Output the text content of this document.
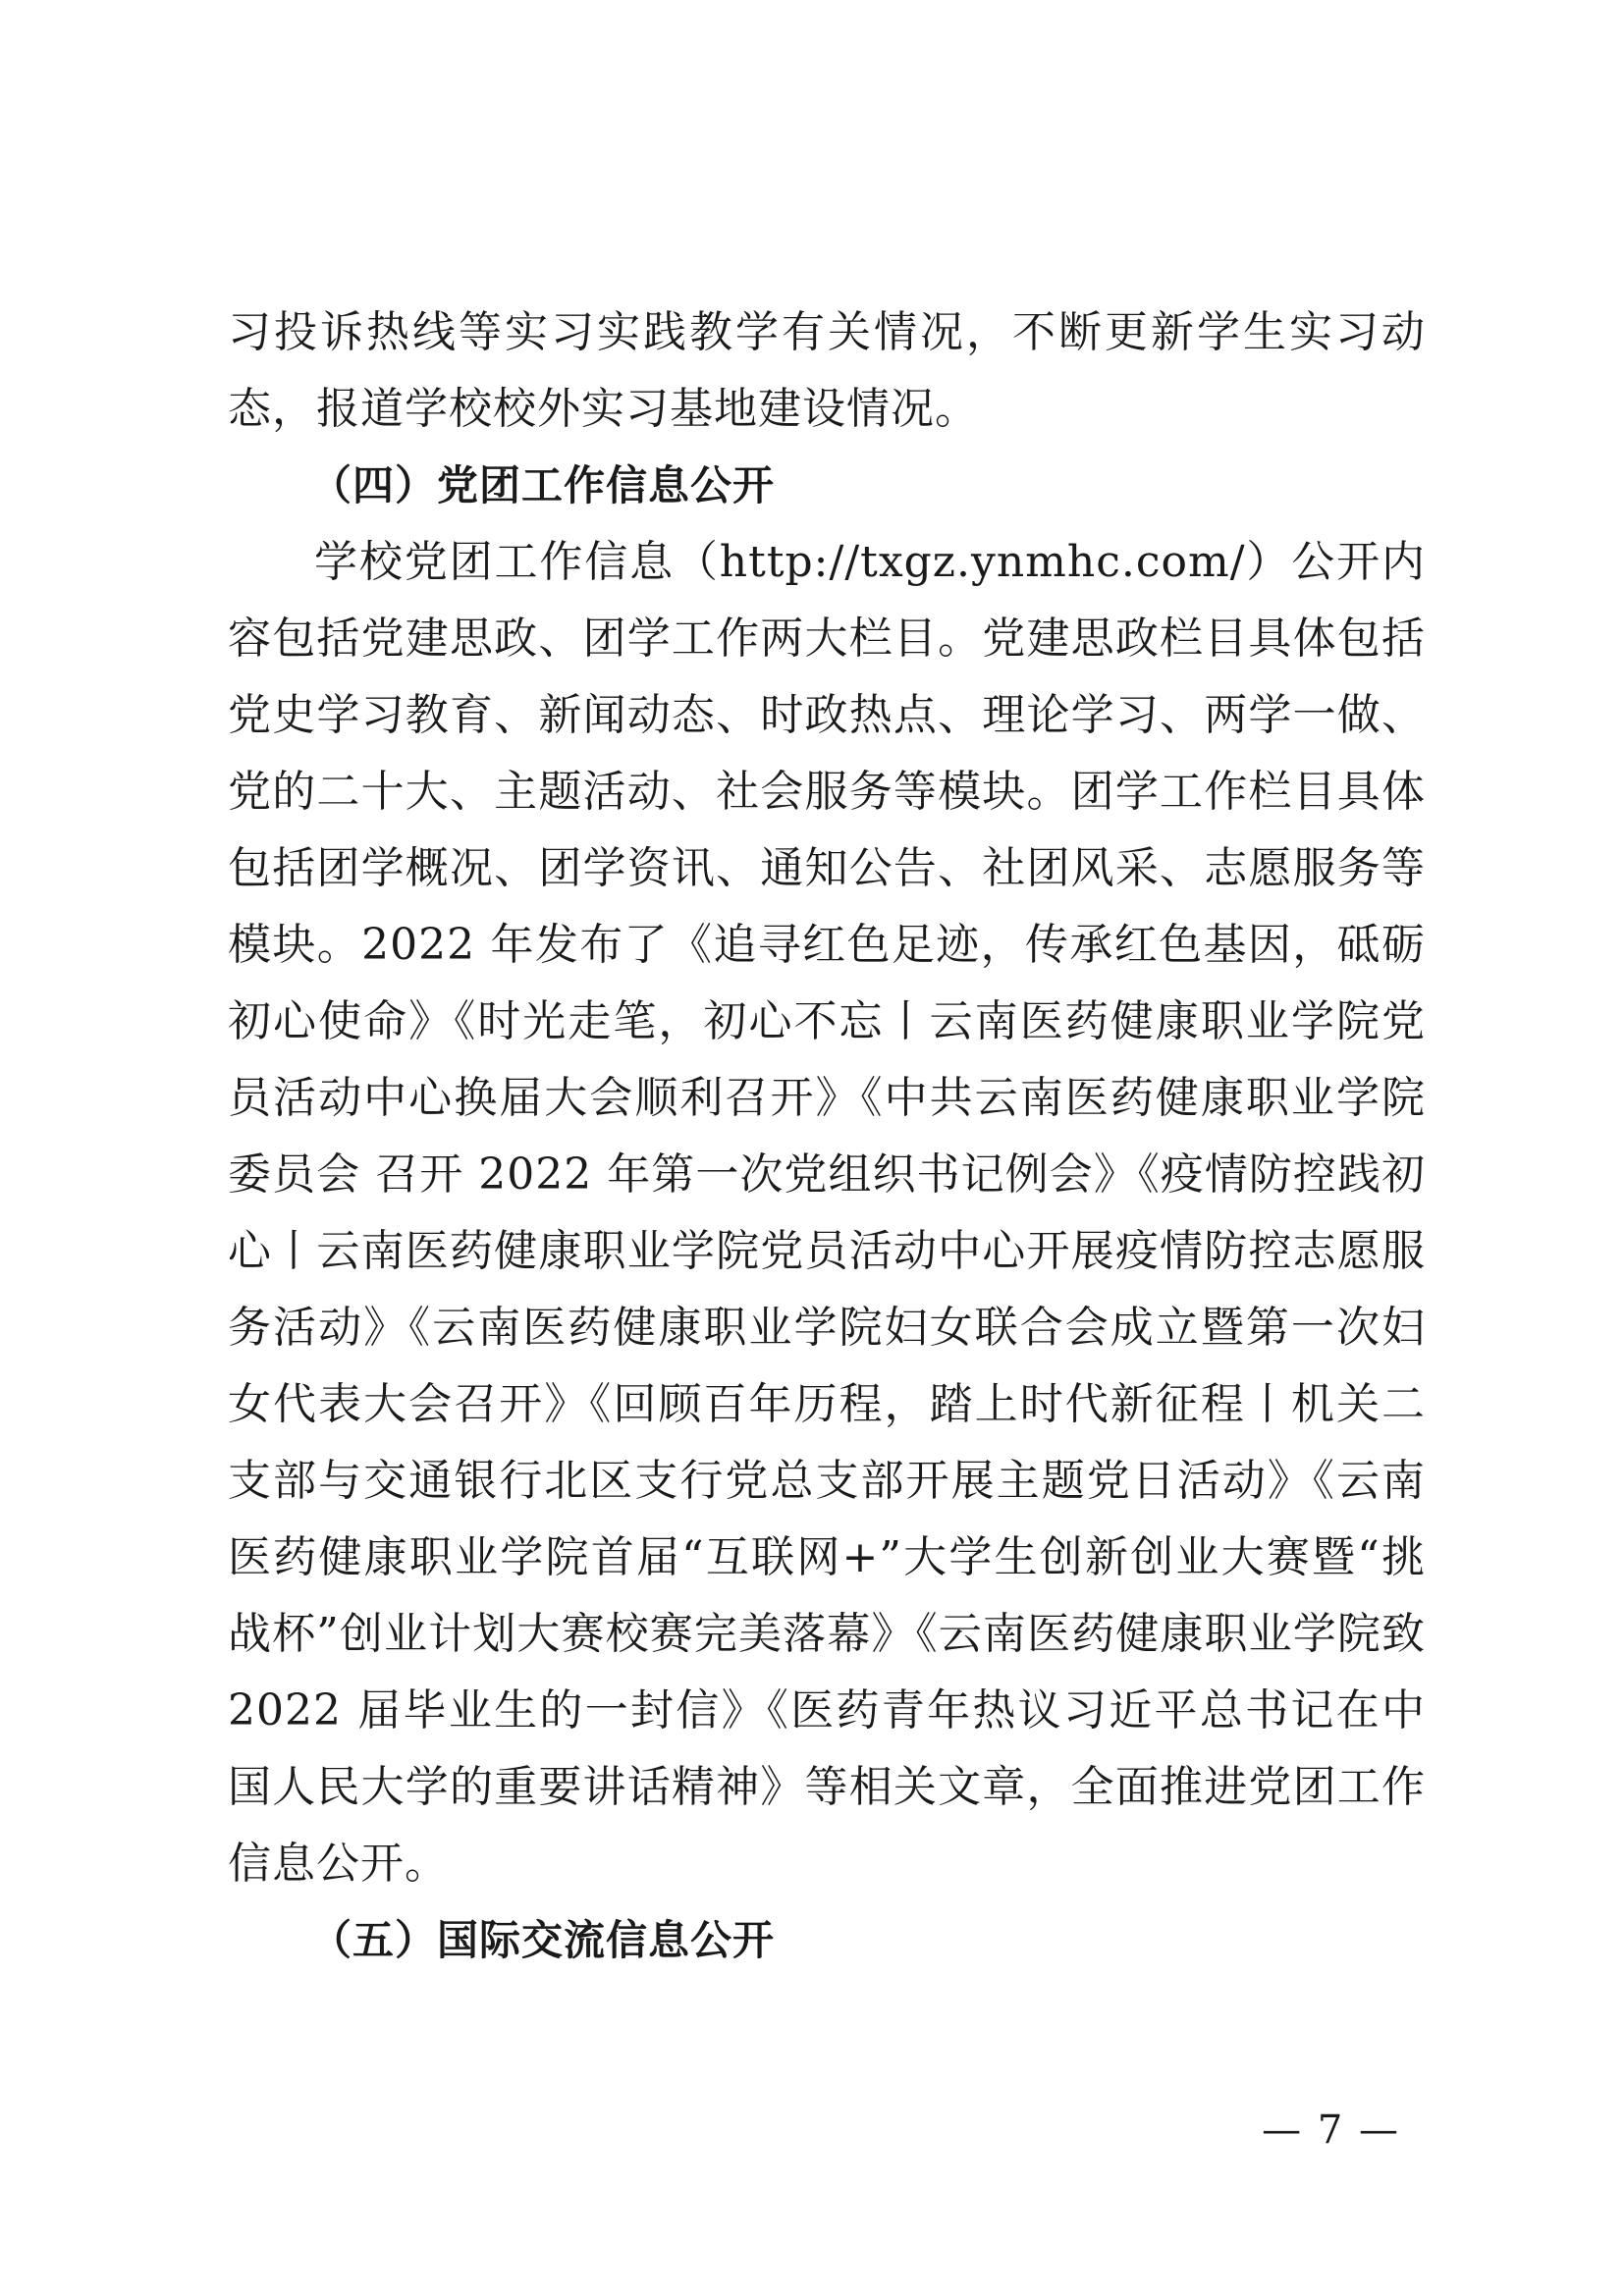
习投诉热线等实习实践教学有关情况，不断更新学生实习动态，报道学校校外实习基地建设情况。

（四）党团工作信息公开

学校党团工作信息（http://txgz.ynmhc.com/）公开内容包括党建思政、团学工作两大栏目。党建思政栏目具体包括党史学习教育、新闻动态、时政热点、理论学习、两学一做、党的二十大、主题活动、社会服务等模块。团学工作栏目具体包括团学概况、团学资讯、通知公告、社团风采、志愿服务等模块。2022 年发布了《追寻红色足迹，传承红色基因，砥砺初心使命》《时光走笔，初心不忘丨云南医药健康职业学院党员活动中心换届大会顺利召开》《中共云南医药健康职业学院委员会 召开 2022 年第一次党组织书记例会》《疫情防控践初心丨云南医药健康职业学院党员活动中心开展疫情防控志愿服务活动》《云南医药健康职业学院妇女联合会成立暨第一次妇女代表大会召开》《回顾百年历程，踏上时代新征程丨机关二支部与交通银行北区支行党总支部开展主题党日活动》《云南医药健康职业学院首届“互联网+”大学生创新创业大赛暨“挑战杯”创业计划大赛校赛完美落幕》《云南医药健康职业学院致 2022 届毕业生的一封信》《医药青年热议习近平总书记在中国人民大学的重要讲话精神》等相关文章，全面推进党团工作信息公开。

（五）国际交流信息公开

— 7 —
